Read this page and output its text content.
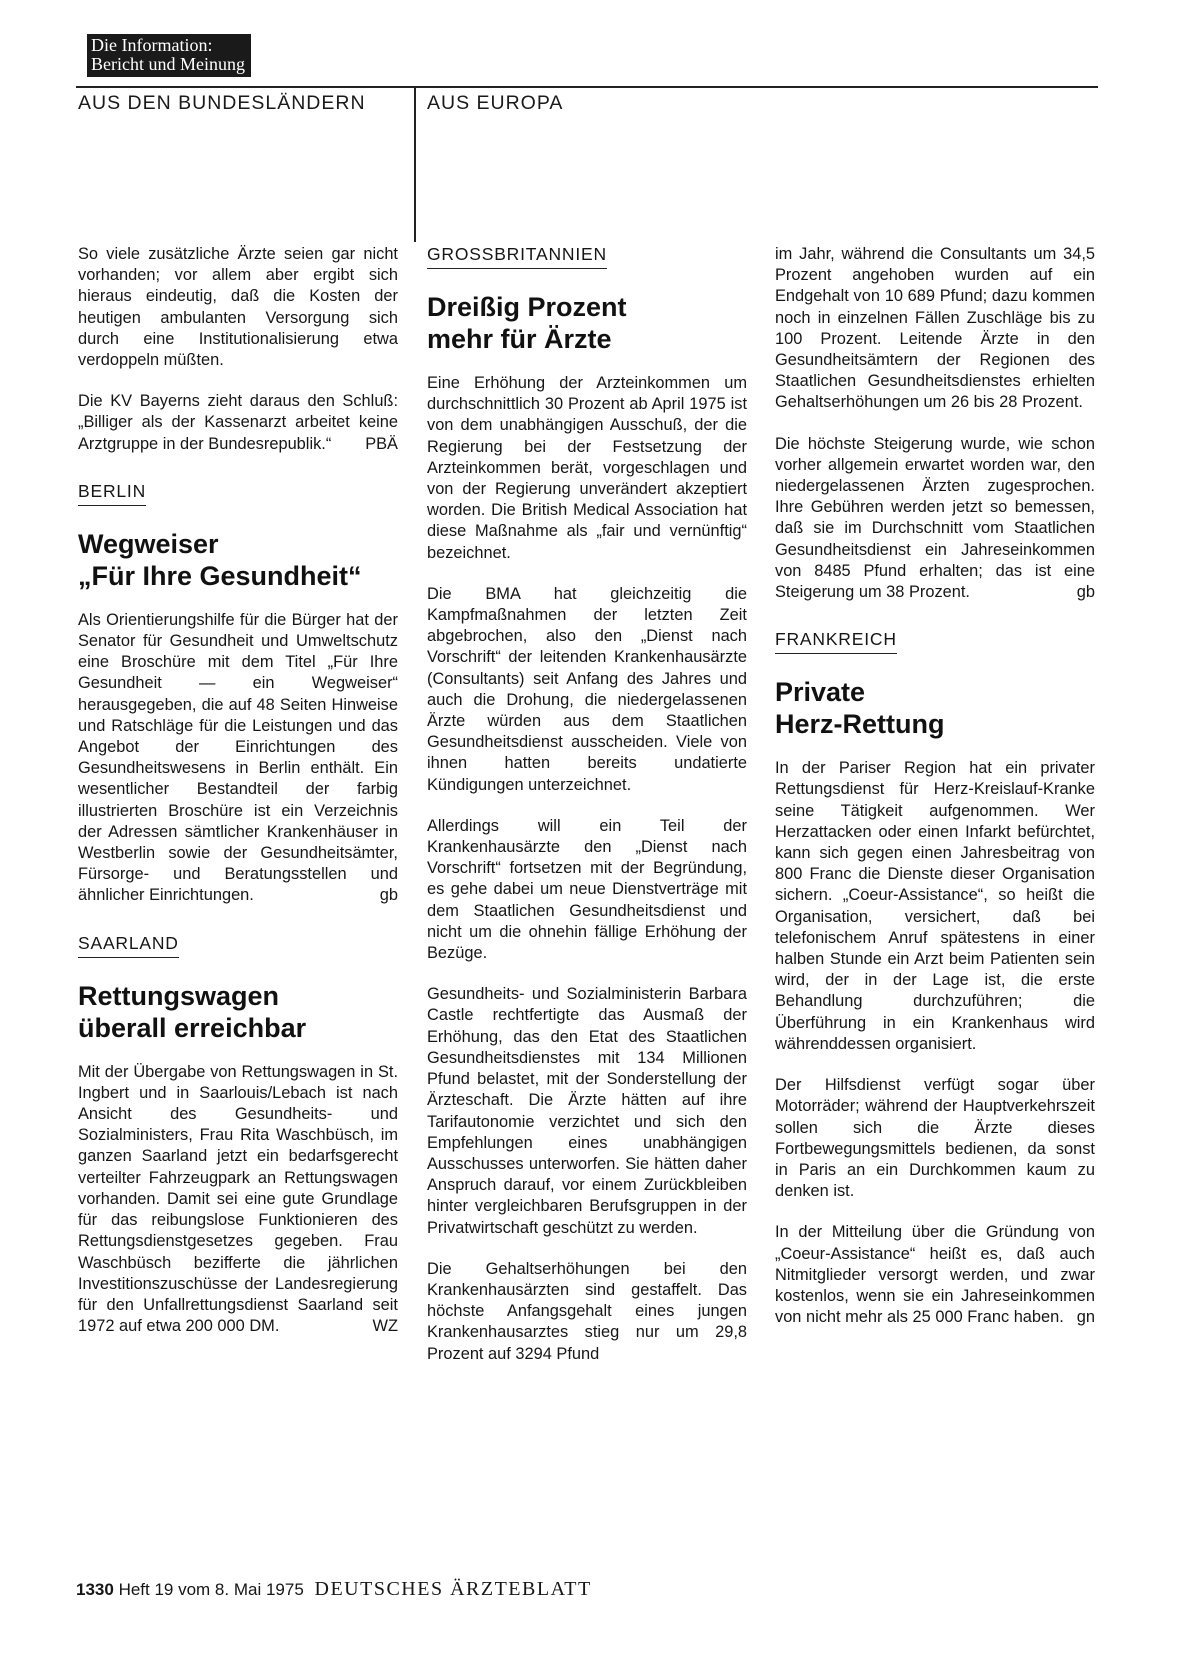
Die Information:
Bericht und Meinung
AUS DEN BUNDESLÄNDERN	AUS EUROPA

So viele zusätzliche Ärzte seien gar nicht vorhanden; vor allem aber ergibt sich hieraus eindeutig, daß die Kosten der heutigen ambulanten Versorgung sich durch eine Institutionalisierung etwa verdoppeln müßten.

Die KV Bayerns zieht daraus den Schluß: „Billiger als der Kassenarzt arbeitet keine Arztgruppe in der Bundesrepublik.“ PBÄ

BERLIN
Wegweiser
„Für Ihre Gesundheit“

Als Orientierungshilfe für die Bürger hat der Senator für Gesundheit und Umweltschutz eine Broschüre mit dem Titel „Für Ihre Gesundheit — ein Wegweiser“ herausgegeben, die auf 48 Seiten Hinweise und Ratschläge für die Leistungen und das Angebot der Einrichtungen des Gesundheitswesens in Berlin enthält. Ein wesentlicher Bestandteil der farbig illustrierten Broschüre ist ein Verzeichnis der Adressen sämtlicher Krankenhäuser in Westberlin sowie der Gesundheitsämter, Fürsorge- und Beratungsstellen und ähnlicher Einrichtungen.	gb

SAARLAND
Rettungswagen
überall erreichbar

Mit der Übergabe von Rettungswagen in St. Ingbert und in Saarlouis/Lebach ist nach Ansicht des Gesundheits- und Sozialministers, Frau Rita Waschbüsch, im ganzen Saarland jetzt ein bedarfsgerecht verteilter Fahrzeugpark an Rettungswagen vorhanden. Damit sei eine gute Grundlage für das reibungslose Funktionieren des Rettungsdienstgesetzes gegeben. Frau Waschbüsch bezifferte die jährlichen Investitionszuschüsse der Landesregierung für den Unfallrettungsdienst Saarland seit 1972 auf etwa 200 000 DM.	WZ

GROSSBRITANNIEN
Dreißig Prozent
mehr für Ärzte

Eine Erhöhung der Arzteinkommen um durchschnittlich 30 Prozent ab April 1975 ist von dem unabhängigen Ausschuß, der die Regierung bei der Festsetzung der Arzteinkommen berät, vorgeschlagen und von der Regierung unverändert akzeptiert worden. Die British Medical Association hat diese Maßnahme als „fair und vernünftig“ bezeichnet.

Die BMA hat gleichzeitig die Kampfmaßnahmen der letzten Zeit abgebrochen, also den „Dienst nach Vorschrift“ der leitenden Krankenhausärzte (Consultants) seit Anfang des Jahres und auch die Drohung, die niedergelassenen Ärzte würden aus dem Staatlichen Gesundheitsdienst ausscheiden. Viele von ihnen hatten bereits undatierte Kündigungen unterzeichnet.

Allerdings will ein Teil der Krankenhausärzte den „Dienst nach Vorschrift“ fortsetzen mit der Begründung, es gehe dabei um neue Dienstverträge mit dem Staatlichen Gesundheitsdienst und nicht um die ohnehin fällige Erhöhung der Bezüge.

Gesundheits- und Sozialministerin Barbara Castle rechtfertigte das Ausmaß der Erhöhung, das den Etat des Staatlichen Gesundheitsdienstes mit 134 Millionen Pfund belastet, mit der Sonderstellung der Ärzteschaft. Die Ärzte hätten auf ihre Tarifautonomie verzichtet und sich den Empfehlungen eines unabhängigen Ausschusses unterworfen. Sie hätten daher Anspruch darauf, vor einem Zurückbleiben hinter vergleichbaren Berufsgruppen in der Privatwirtschaft geschützt zu werden.

Die Gehaltserhöhungen bei den Krankenhausärzten sind gestaffelt. Das höchste Anfangsgehalt eines jungen Krankenhausarztes stieg nur um 29,8 Prozent auf 3294 Pfund

im Jahr, während die Consultants um 34,5 Prozent angehoben wurden auf ein Endgehalt von 10 689 Pfund; dazu kommen noch in einzelnen Fällen Zuschläge bis zu 100 Prozent. Leitende Ärzte in den Gesundheitsämtern der Regionen des Staatlichen Gesundheitsdienstes erhielten Gehaltserhöhungen um 26 bis 28 Prozent.

Die höchste Steigerung wurde, wie schon vorher allgemein erwartet worden war, den niedergelassenen Ärzten zugesprochen. Ihre Gebühren werden jetzt so bemessen, daß sie im Durchschnitt vom Staatlichen Gesundheitsdienst ein Jahreseinkommen von 8485 Pfund erhalten; das ist eine Steigerung um 38 Prozent.	gb

FRANKREICH
Private
Herz-Rettung

In der Pariser Region hat ein privater Rettungsdienst für Herz-Kreislauf-Kranke seine Tätigkeit aufgenommen. Wer Herzattacken oder einen Infarkt befürchtet, kann sich gegen einen Jahresbeitrag von 800 Franc die Dienste dieser Organisation sichern. „Coeur-Assistance“, so heißt die Organisation, versichert, daß bei telefonischem Anruf spätestens in einer halben Stunde ein Arzt beim Patienten sein wird, der in der Lage ist, die erste Behandlung durchzuführen; die Überführung in ein Krankenhaus wird währenddessen organisiert.

Der Hilfsdienst verfügt sogar über Motorräder; während der Hauptverkehrszeit sollen sich die Ärzte dieses Fortbewegungsmittels bedienen, da sonst in Paris an ein Durchkommen kaum zu denken ist.

In der Mitteilung über die Gründung von „Coeur-Assistance“ heißt es, daß auch Nitmitglieder versorgt werden, und zwar kostenlos, wenn sie ein Jahreseinkommen von nicht mehr als 25 000 Franc haben. gn

1330 Heft 19 vom 8. Mai 1975 DEUTSCHES ÄRZTEBLATT
